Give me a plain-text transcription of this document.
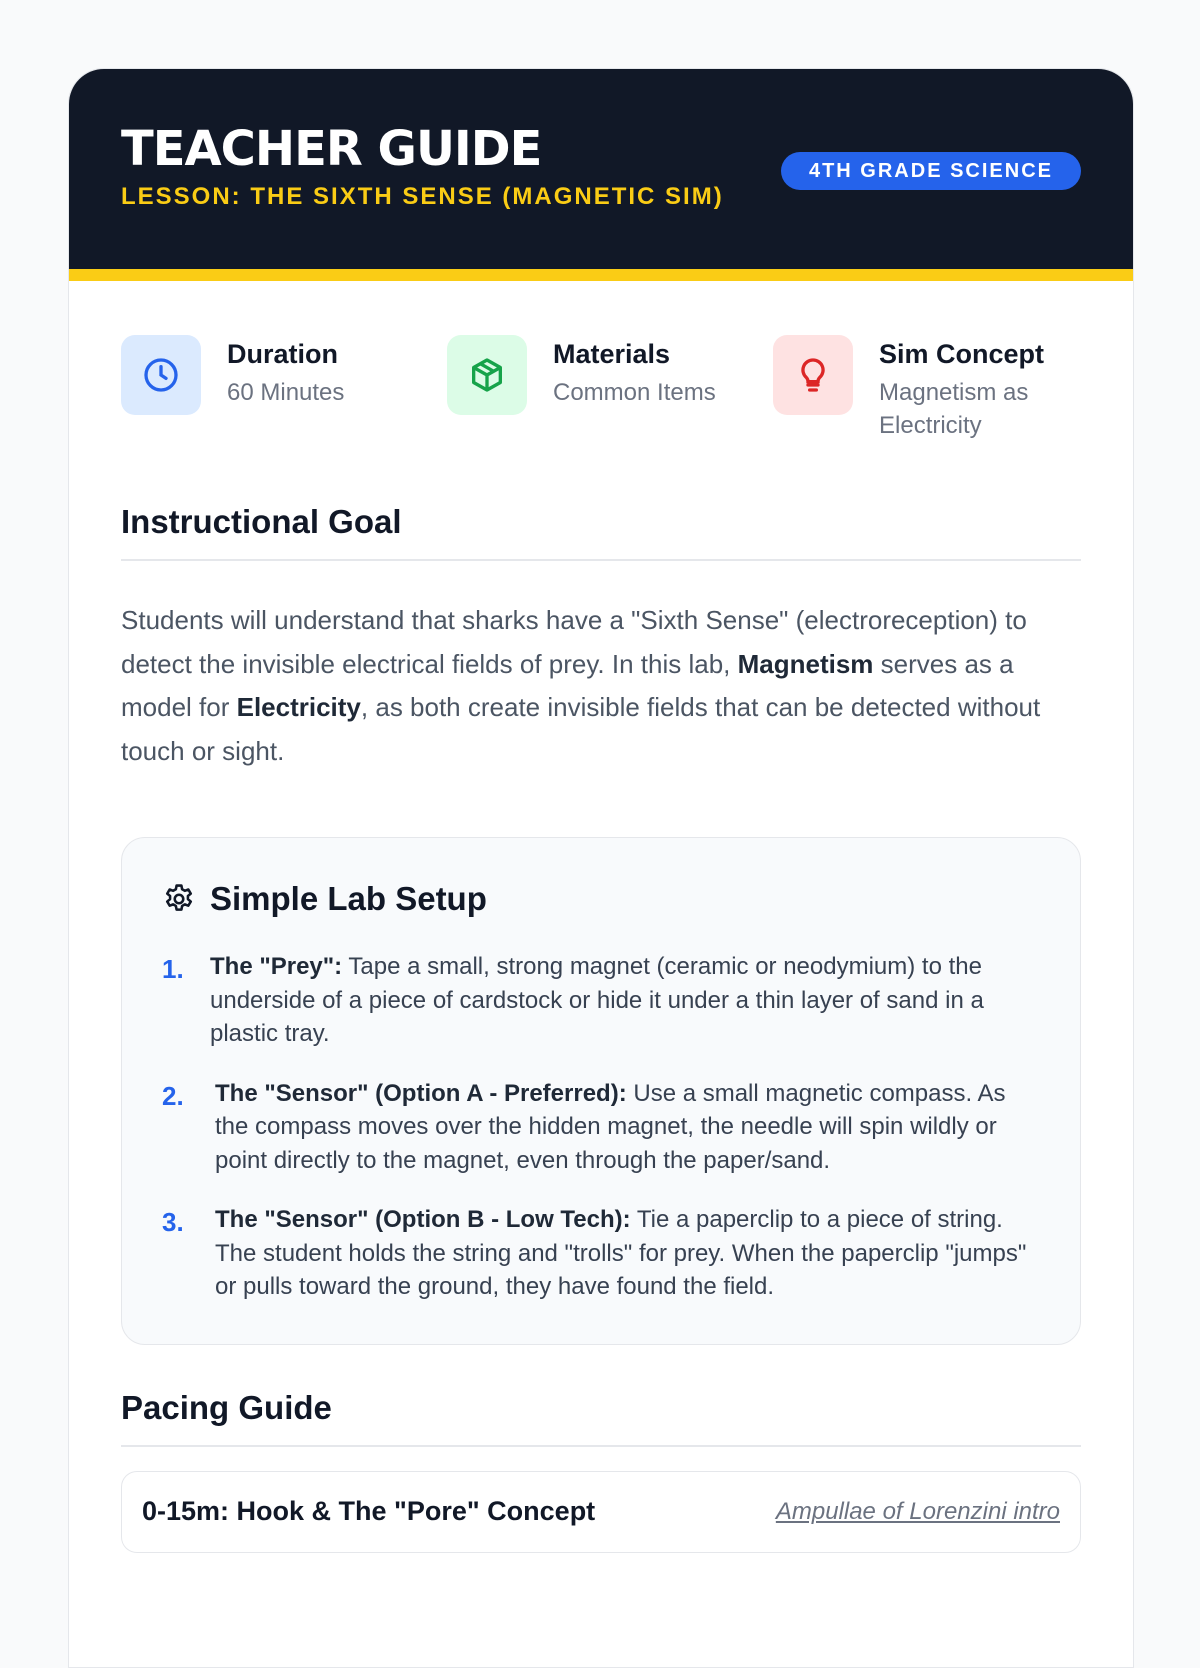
TEACHER GUIDE
LESSON: THE SIXTH SENSE (MAGNETIC SIM)
4TH GRADE SCIENCE
Duration
60 Minutes
Materials
Common Items
Sim Concept
Magnetism as Electricity
Instructional Goal

Students will understand that sharks have a "Sixth Sense" (electroreception) to detect the invisible electrical fields of prey. In this lab, Magnetism serves as a model for Electricity, as both create invisible fields that can be detected without touch or sight.

Simple Lab Setup
1. The "Prey": Tape a small, strong magnet (ceramic or neodymium) to the underside of a piece of cardstock or hide it under a thin layer of sand in a plastic tray.
2. The "Sensor" (Option A - Preferred): Use a small magnetic compass. As the compass moves over the hidden magnet, the needle will spin wildly or point directly to the magnet, even through the paper/sand.
3. The "Sensor" (Option B - Low Tech): Tie a paperclip to a piece of string. The student holds the string and "trolls" for prey. When the paperclip "jumps" or pulls toward the ground, they have found the field.
Pacing Guide
0-15m: Hook & The "Pore" Concept	Ampullae of Lorenzini intro
